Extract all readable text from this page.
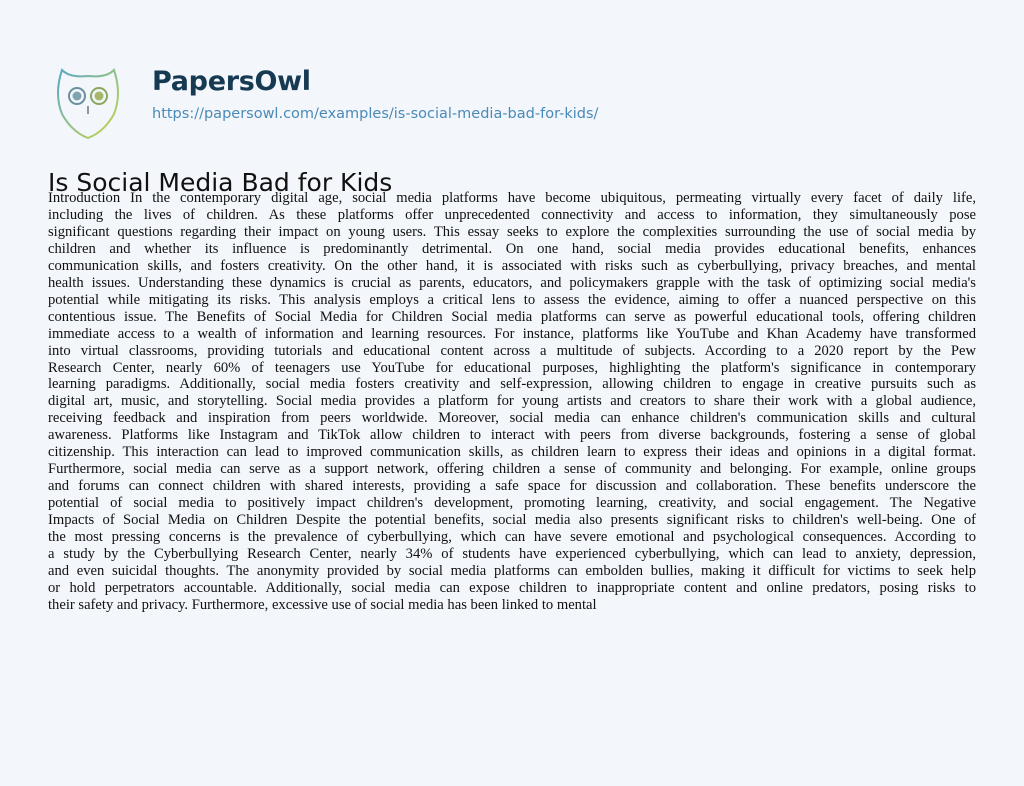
PapersOwl
https://papersowl.com/examples/is-social-media-bad-for-kids/
Is Social Media Bad for Kids
Introduction In the contemporary digital age, social media platforms have become ubiquitous, permeating virtually every facet of daily life,
including the lives of children. As these platforms offer unprecedented connectivity and access to information, they simultaneously pose
significant questions regarding their impact on young users. This essay seeks to explore the complexities surrounding the use of social media by
children and whether its influence is predominantly detrimental. On one hand, social media provides educational benefits, enhances
communication skills, and fosters creativity. On the other hand, it is associated with risks such as cyberbullying, privacy breaches, and mental
health issues. Understanding these dynamics is crucial as parents, educators, and policymakers grapple with the task of optimizing social media's
potential while mitigating its risks. This analysis employs a critical lens to assess the evidence, aiming to offer a nuanced perspective on this
contentious issue. The Benefits of Social Media for Children Social media platforms can serve as powerful educational tools, offering children
immediate access to a wealth of information and learning resources. For instance, platforms like YouTube and Khan Academy have transformed
into virtual classrooms, providing tutorials and educational content across a multitude of subjects. According to a 2020 report by the Pew
Research Center, nearly 60% of teenagers use YouTube for educational purposes, highlighting the platform's significance in contemporary
learning paradigms. Additionally, social media fosters creativity and self-expression, allowing children to engage in creative pursuits such as
digital art, music, and storytelling. Social media provides a platform for young artists and creators to share their work with a global audience,
receiving feedback and inspiration from peers worldwide. Moreover, social media can enhance children's communication skills and cultural
awareness. Platforms like Instagram and TikTok allow children to interact with peers from diverse backgrounds, fostering a sense of global
citizenship. This interaction can lead to improved communication skills, as children learn to express their ideas and opinions in a digital format.
Furthermore, social media can serve as a support network, offering children a sense of community and belonging. For example, online groups
and forums can connect children with shared interests, providing a safe space for discussion and collaboration. These benefits underscore the
potential of social media to positively impact children's development, promoting learning, creativity, and social engagement. The Negative
Impacts of Social Media on Children Despite the potential benefits, social media also presents significant risks to children's well-being. One of
the most pressing concerns is the prevalence of cyberbullying, which can have severe emotional and psychological consequences. According to
a study by the Cyberbullying Research Center, nearly 34% of students have experienced cyberbullying, which can lead to anxiety, depression,
and even suicidal thoughts. The anonymity provided by social media platforms can embolden bullies, making it difficult for victims to seek help
or hold perpetrators accountable. Additionally, social media can expose children to inappropriate content and online predators, posing risks to
their safety and privacy. Furthermore, excessive use of social media has been linked to mental
